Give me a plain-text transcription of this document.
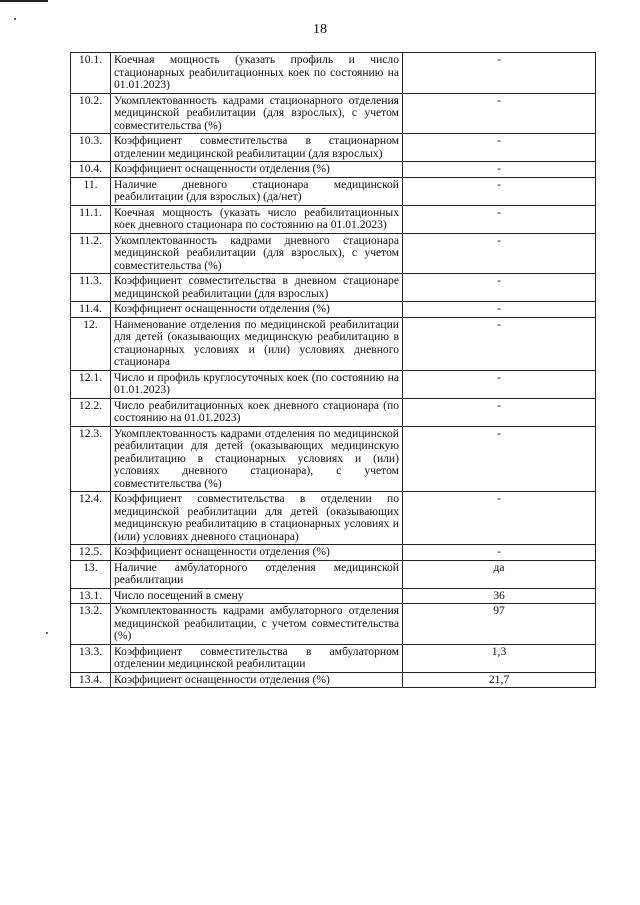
18
10.1.	Коечная мощность (указать профиль и число стационарных реабилитационных коек по состоянию на 01.01.2023)	-
10.2.	Укомплектованность кадрами стационарного отделения медицинской реабилитации (для взрослых), с учетом совместительства (%)	-
10.3.	Коэффициент совместительства в стационарном отделении медицинской реабилитации (для взрослых)	-
10.4.	Коэффициент оснащенности отделения (%)	-
11.	Наличие дневного стационара медицинской реабилитации (для взрослых) (да/нет)	-
11.1.	Коечная мощность (указать число реабилитационных коек дневного стационара по состоянию на 01.01.2023)	-
11.2.	Укомплектованность кадрами дневного стационара медицинской реабилитации (для взрослых), с учетом совместительства (%)	-
11.3.	Коэффициент совместительства в дневном стационаре медицинской реабилитации (для взрослых)	-
11.4.	Коэффициент оснащенности отделения (%)	-
12.	Наименование отделения по медицинской реабилитации для детей (оказывающих медицинскую реабилитацию в стационарных условиях и (или) условиях дневного стационара	-
12.1.	Число и профиль круглосуточных коек (по состоянию на 01.01.2023)	-
12.2.	Число реабилитационных коек дневного стационара (по состоянию на 01.01.2023)	-
12.3.	Укомплектованность кадрами отделения по медицинской реабилитации для детей (оказывающих медицинскую реабилитацию в стационарных условиях и (или) условиях дневного стационара), с учетом совместительства (%)	-
12.4.	Коэффициент совместительства в отделении по медицинской реабилитации для детей (оказывающих медицинскую реабилитацию в стационарных условиях и (или) условиях дневного стационара)	-
12.5.	Коэффициент оснащенности отделения (%)	-
13.	Наличие амбулаторного отделения медицинской реабилитации	да
13.1.	Число посещений в смену	36
13.2.	Укомплектованность кадрами амбулаторного отделения медицинской реабилитации, с учетом совместительства (%)	97
13.3.	Коэффициент совместительства в амбулаторном отделении медицинской реабилитации	1,3
13.4.	Коэффициент оснащенности отделения (%)	21,7
